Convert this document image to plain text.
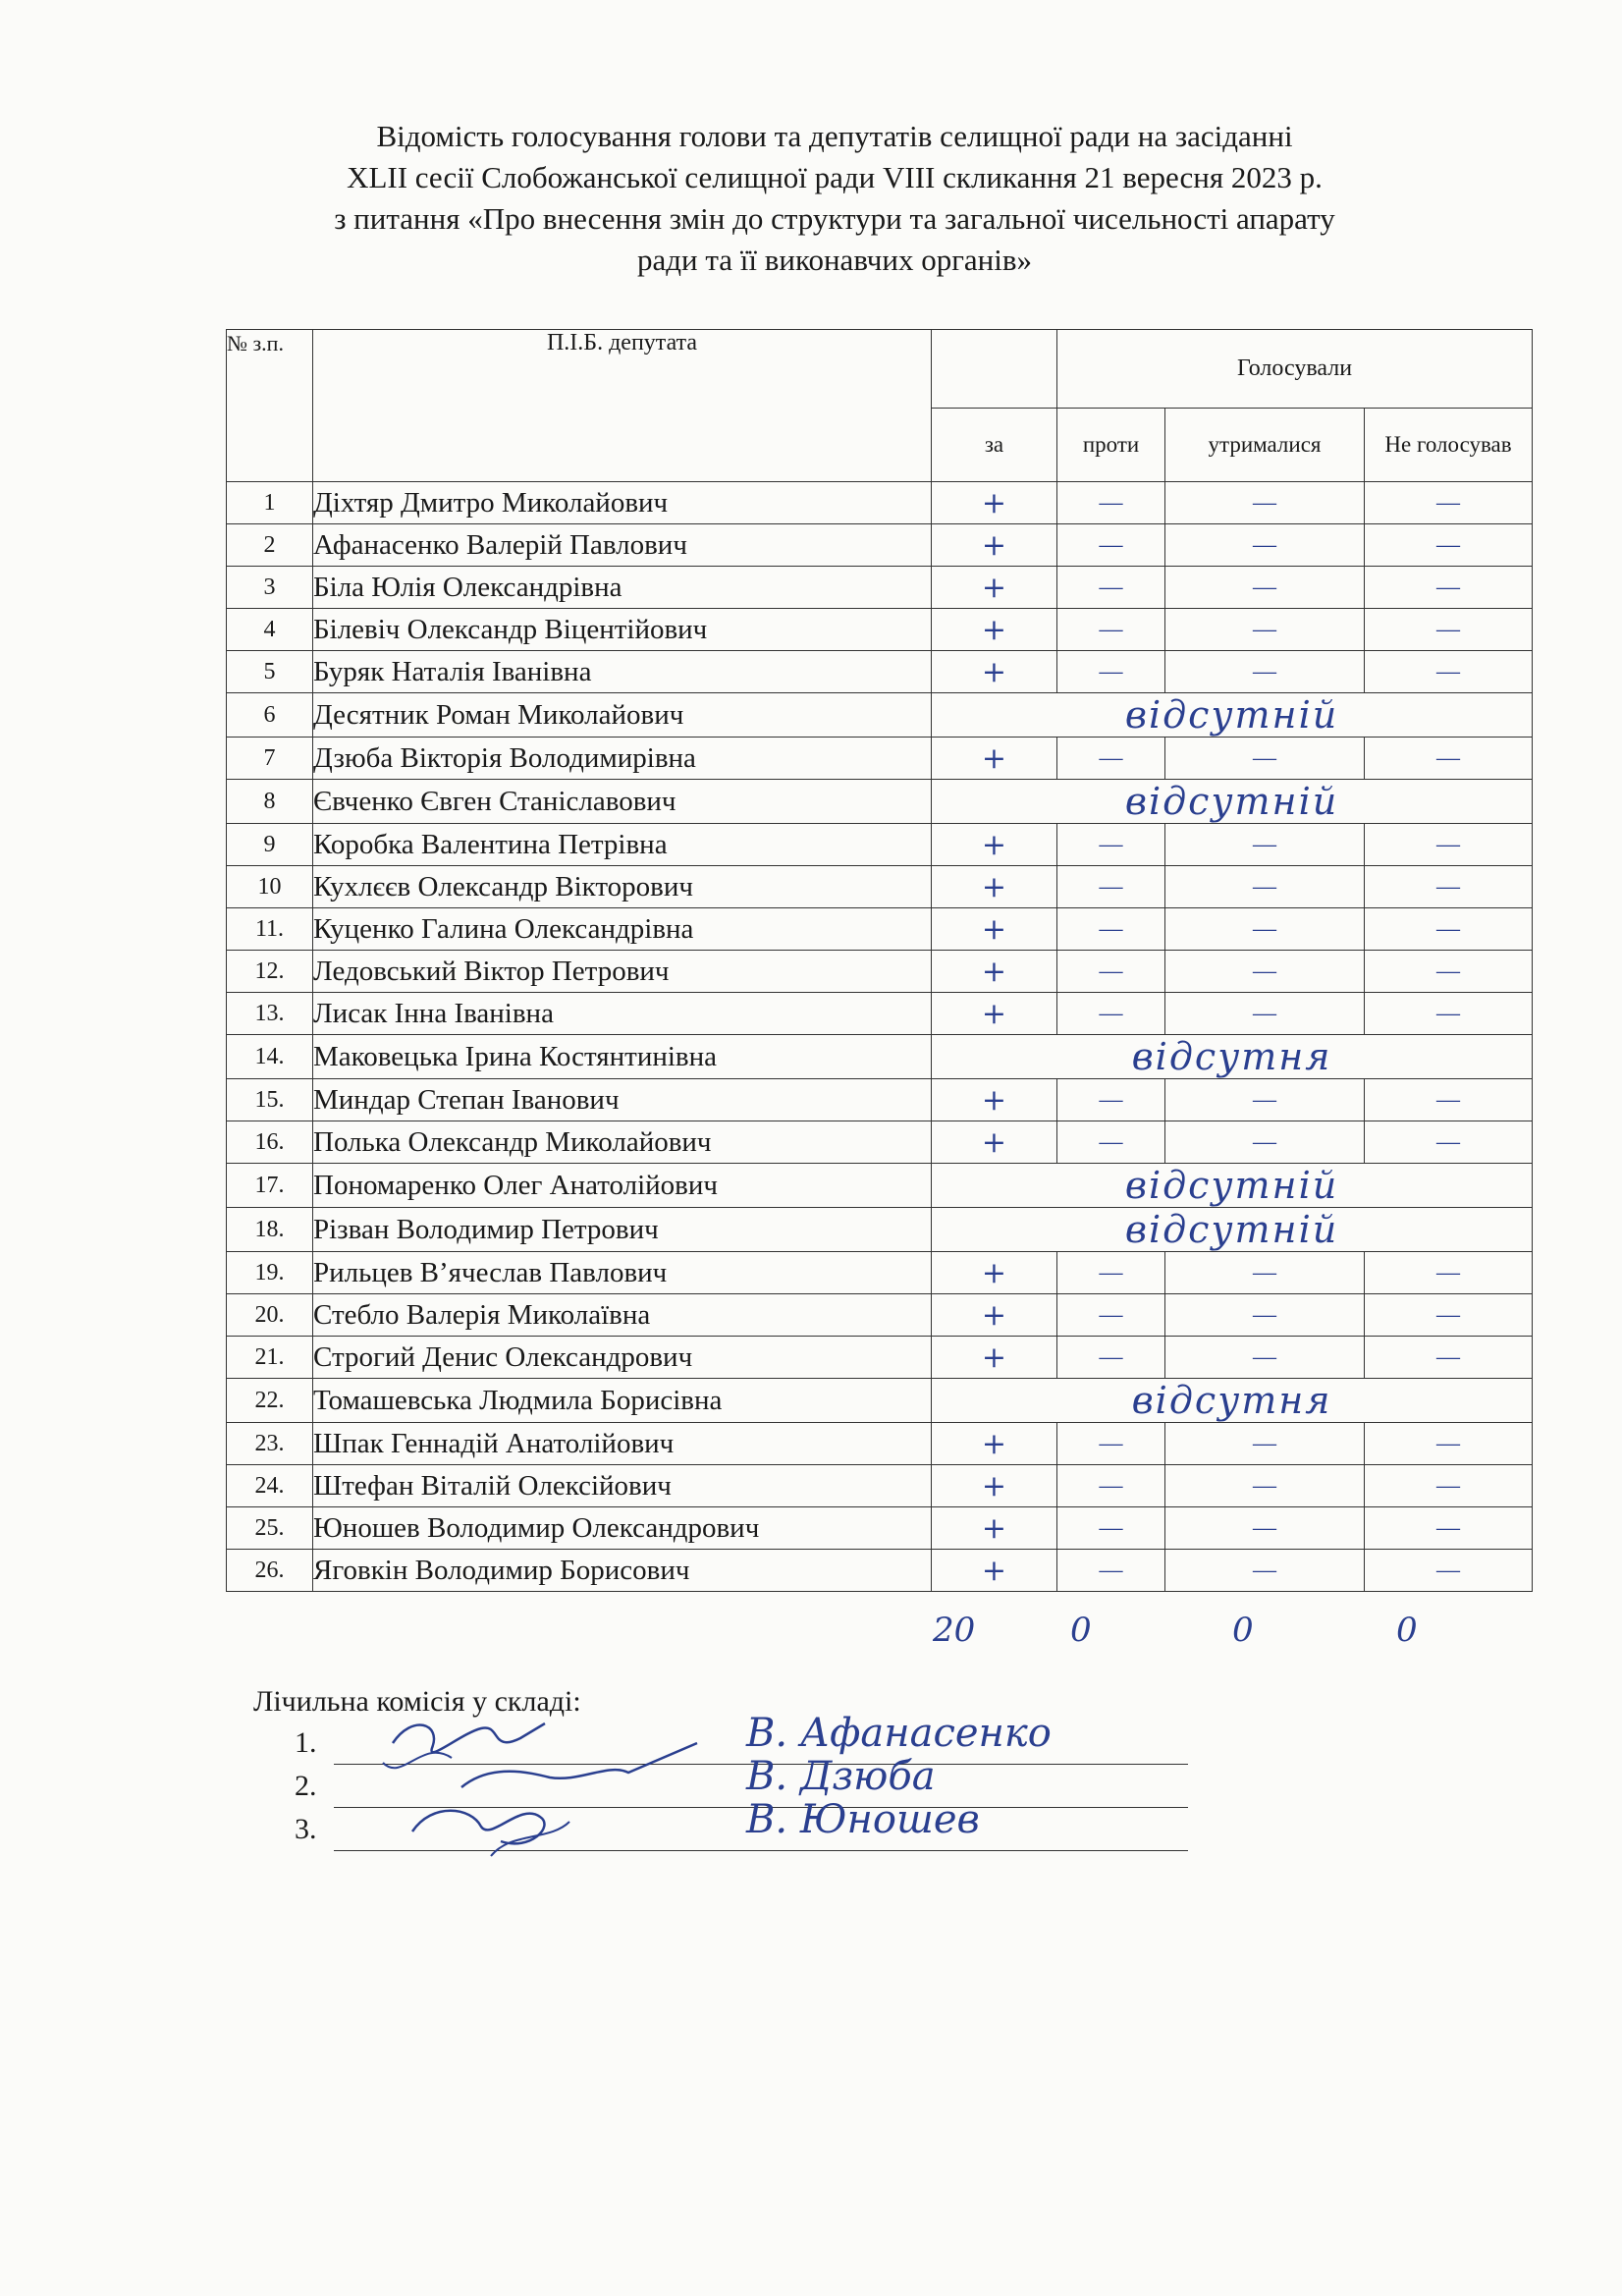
Відомість голосування голови та депутатів селищної ради на засіданні
XLII сесії Слобожанської селищної ради VIII скликання 21 вересня 2023 р.
з питання «Про внесення змін до структури та загальної чисельності апарату
ради та її виконавчих органів»
№ з.п.	П.І.Б. депутата		Голосували		
		за	проти	утрималися	Не голосував
1	Діхтяр Дмитро Миколайович	+	—	—	—
2	Афанасенко Валерій Павлович	+	—	—	—
3	Біла Юлія Олександрівна	+	—	—	—
4	Білевіч Олександр Віцентійович	+	—	—	—
5	Буряк Наталія Іванівна	+	—	—	—
6	Десятник Роман Миколайович	відсутній			
7	Дзюба Вікторія Володимирівна	+	—	—	—
8	Євченко Євген Станіславович	відсутній			
9	Коробка Валентина Петрівна	+	—	—	—
10	Кухлєєв Олександр Вікторович	+	—	—	—
11.	Куценко Галина Олександрівна	+	—	—	—
12.	Ледовський Віктор Петрович	+	—	—	—
13.	Лисак Інна Іванівна	+	—	—	—
14.	Маковецька Ірина Костянтинівна	відсутня			
15.	Миндар Степан Іванович	+	—	—	—
16.	Полька Олександр Миколайович	+	—	—	—
17.	Пономаренко Олег Анатолійович	відсутній			
18.	Різван Володимир Петрович	відсутній			
19.	Рильцев В’ячеслав Павлович	+	—	—	—
20.	Стебло Валерія Миколаївна	+	—	—	—
21.	Строгий Денис Олександрович	+	—	—	—
22.	Томашевська Людмила Борисівна	відсутня			
23.	Шпак Геннадій Анатолійович	+	—	—	—
24.	Штефан Віталій Олексійович	+	—	—	—
25.	Юношев Володимир Олександрович	+	—	—	—
26.	Яговкін Володимир Борисович	+	—	—	—
20	0	0	0
Лічильна комісія у складі:
1.	В. Афанасенко
2.	В. Дзюба
3.	В. Юношев
